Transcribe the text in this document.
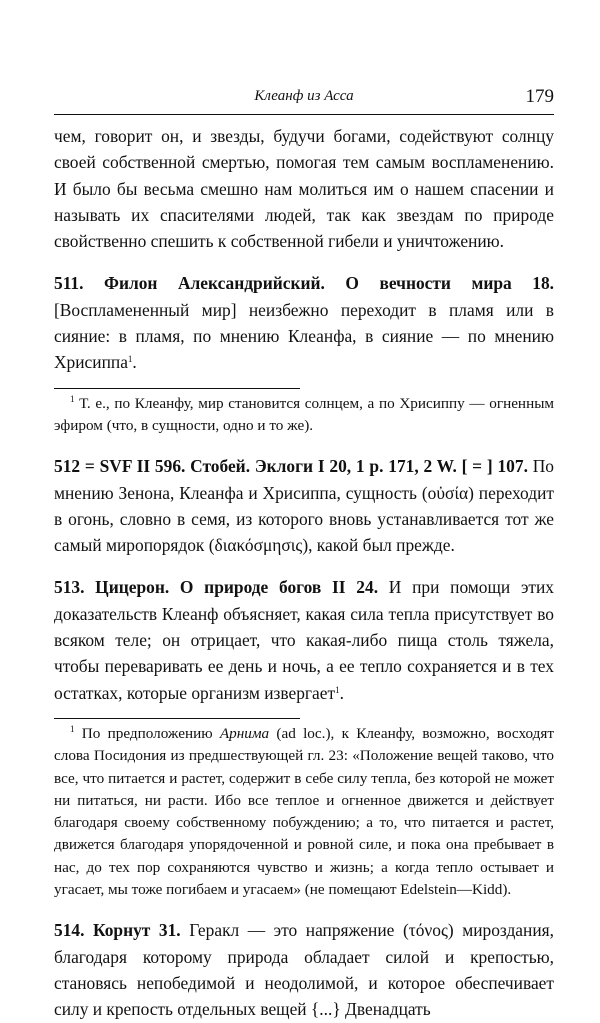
Клеанф из Асса	179

чем, говорит он, и звезды, будучи богами, содействуют солнцу своей собственной смертью, помогая тем самым воспламенению. И было бы весьма смешно нам молиться им о нашем спасении и называть их спасителями людей, так как звездам по природе свойственно спешить к собственной гибели и уничтожению.

511. Филон Александрийский. О вечности мира 18. [Воспламененный мир] неизбежно переходит в пламя или в сияние: в пламя, по мнению Клеанфа, в сияние — по мнению Хрисиппа$^1$.

$^1$ Т. е., по Клеанфу, мир становится солнцем, а по Хрисиппу — огненным эфиром (что, в сущности, одно и то же).

512 = SVF II 596. Стобей. Эклоги I 20, 1 p. 171, 2 W. [ = ] 107. По мнению Зенона, Клеанфа и Хрисиппа, сущность (οὐσία) переходит в огонь, словно в семя, из которого вновь устанавливается тот же самый миропорядок (διακόσμησις), какой был прежде.

513. Цицерон. О природе богов II 24. И при помощи этих доказательств Клеанф объясняет, какая сила тепла присутствует во всяком теле; он отрицает, что какая-либо пища столь тяжела, чтобы переваривать ее день и ночь, а ее тепло сохраняется и в тех остатках, которые организм извергает$^1$.

$^1$ По предположению Арнима (ad loc.), к Клеанфу, возможно, восходят слова Посидония из предшествующей гл. 23: «Положение вещей таково, что все, что питается и растет, содержит в себе силу тепла, без которой не может ни питаться, ни расти. Ибо все теплое и огненное движется и действует благодаря своему собственному побуждению; а то, что питается и растет, движется благодаря упорядоченной и ровной силе, и пока она пребывает в нас, до тех пор сохраняются чувство и жизнь; а когда тепло остывает и угасает, мы тоже погибаем и угасаем» (не помещают Edelstein—Kidd).

514. Корнут 31. Геракл — это напряжение (τόνος) мироздания, благодаря которому природа обладает силой и крепостью, становясь непобедимой и неодолимой, и которое обеспечивает силу и крепость отдельных вещей {...} Двенадцать
